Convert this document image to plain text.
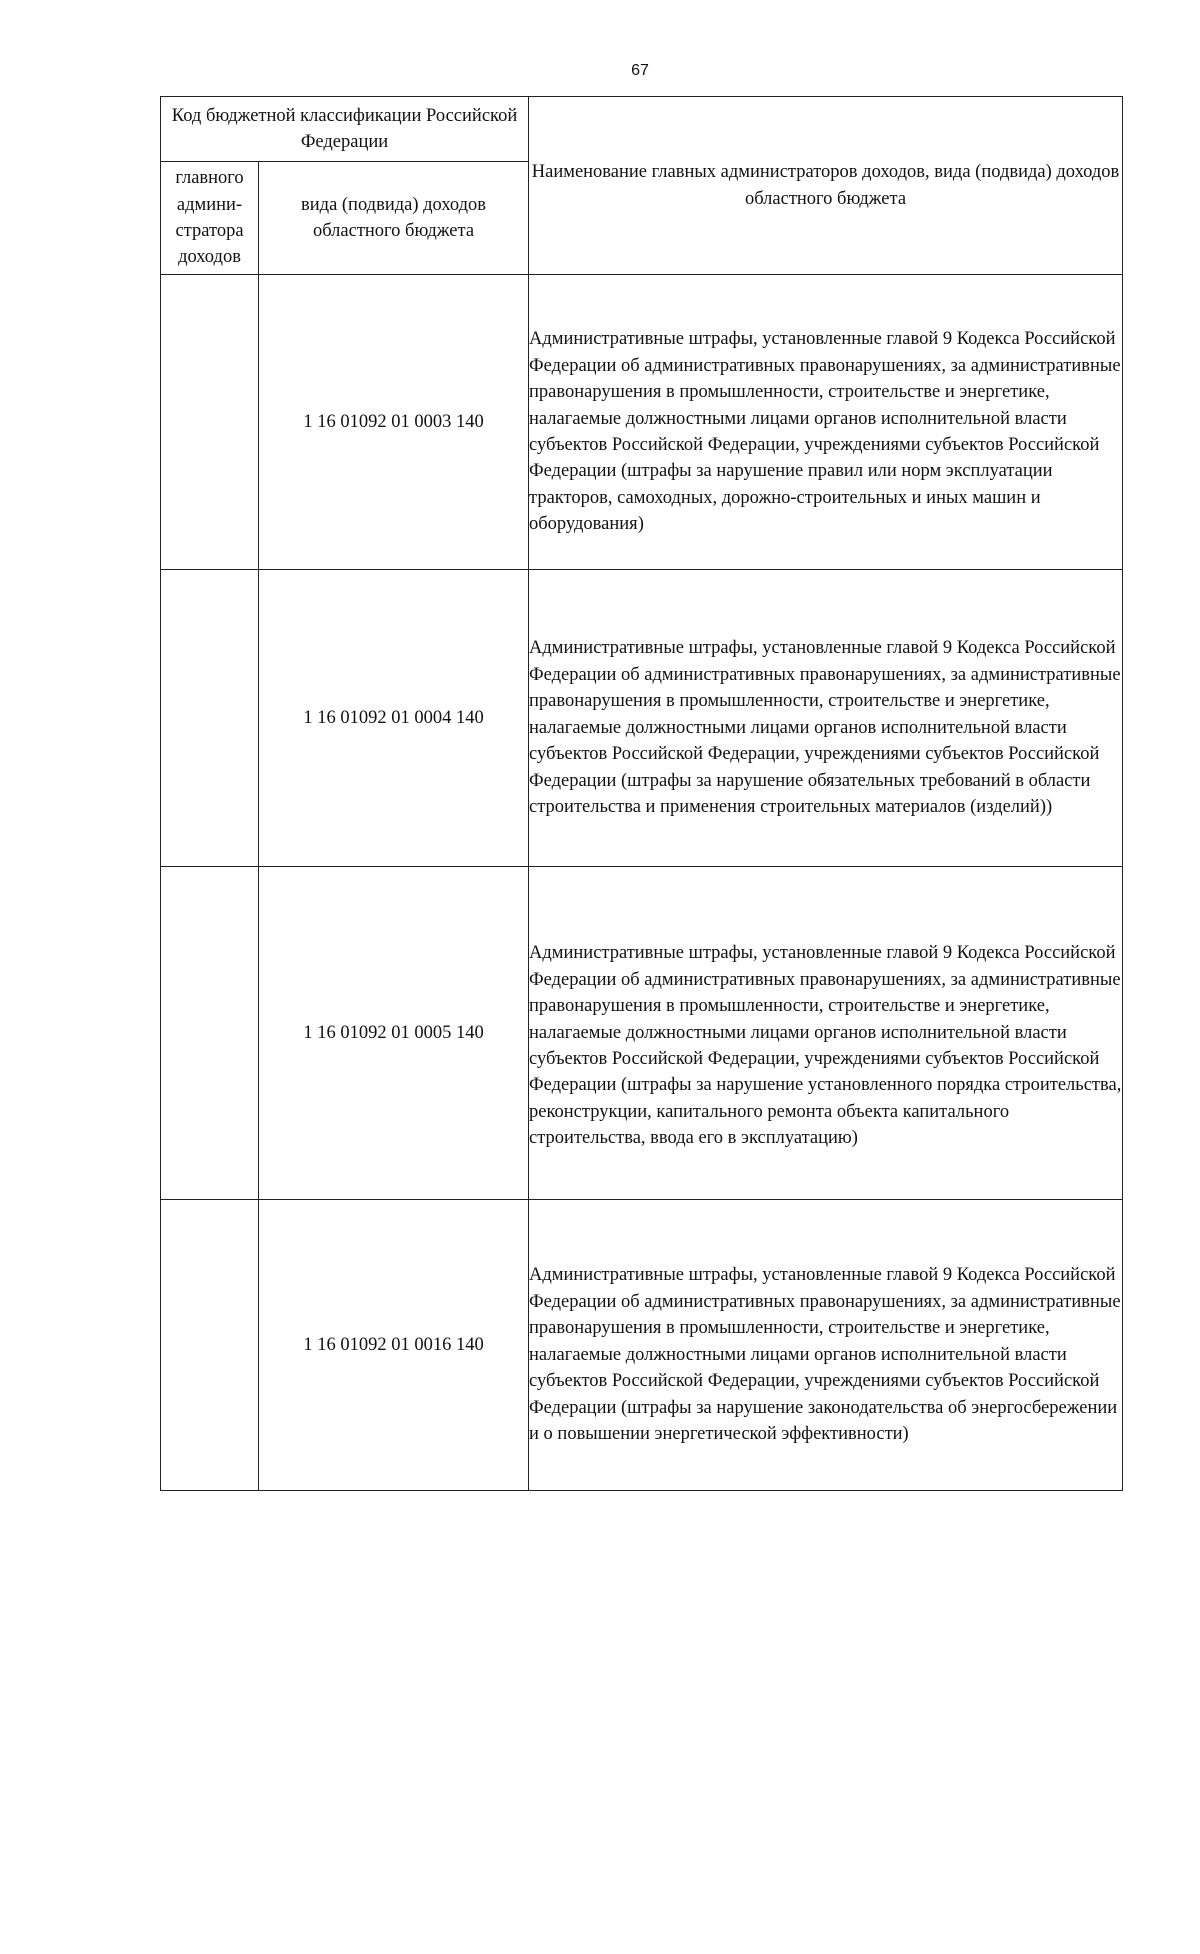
67
Код бюджетной классификации Российской Федерации		Наименование главных администраторов доходов, вида (подвида) доходов областного бюджета
главного админи-стратора доходов	вида (подвида) доходов областного бюджета	
	1 16 01092 01 0003 140	Административные штрафы, установленные главой 9 Кодекса Российской Федерации об административных правонарушениях, за административные правонарушения в промышленности, строительстве и энергетике, налагаемые должностными лицами органов исполнительной власти субъектов Российской Федерации, учреждениями субъектов Российской Федерации (штрафы за нарушение правил или норм эксплуатации тракторов, самоходных, дорожно-строительных и иных машин и оборудования)

	1 16 01092 01 0004 140	Административные штрафы, установленные главой 9 Кодекса Российской Федерации об административных правонарушениях, за административные правонарушения в промышленности, строительстве и энергетике, налагаемые должностными лицами органов исполнительной власти субъектов Российской Федерации, учреждениями субъектов Российской Федерации (штрафы за нарушение обязательных требований в области строительства и применения строительных материалов (изделий))

	1 16 01092 01 0005 140	Административные штрафы, установленные главой 9 Кодекса Российской Федерации об административных правонарушениях, за административные правонарушения в промышленности, строительстве и энергетике, налагаемые должностными лицами органов исполнительной власти субъектов Российской Федерации, учреждениями субъектов Российской Федерации (штрафы за нарушение установленного порядка строительства, реконструкции, капитального ремонта объекта капитального строительства, ввода его в эксплуатацию)

	1 16 01092 01 0016 140	Административные штрафы, установленные главой 9 Кодекса Российской Федерации об административных правонарушениях, за административные правонарушения в промышленности, строительстве и энергетике, налагаемые должностными лицами органов исполнительной власти субъектов Российской Федерации, учреждениями субъектов Российской Федерации (штрафы за нарушение законодательства об энергосбережении и о повышении энергетической эффективности)
